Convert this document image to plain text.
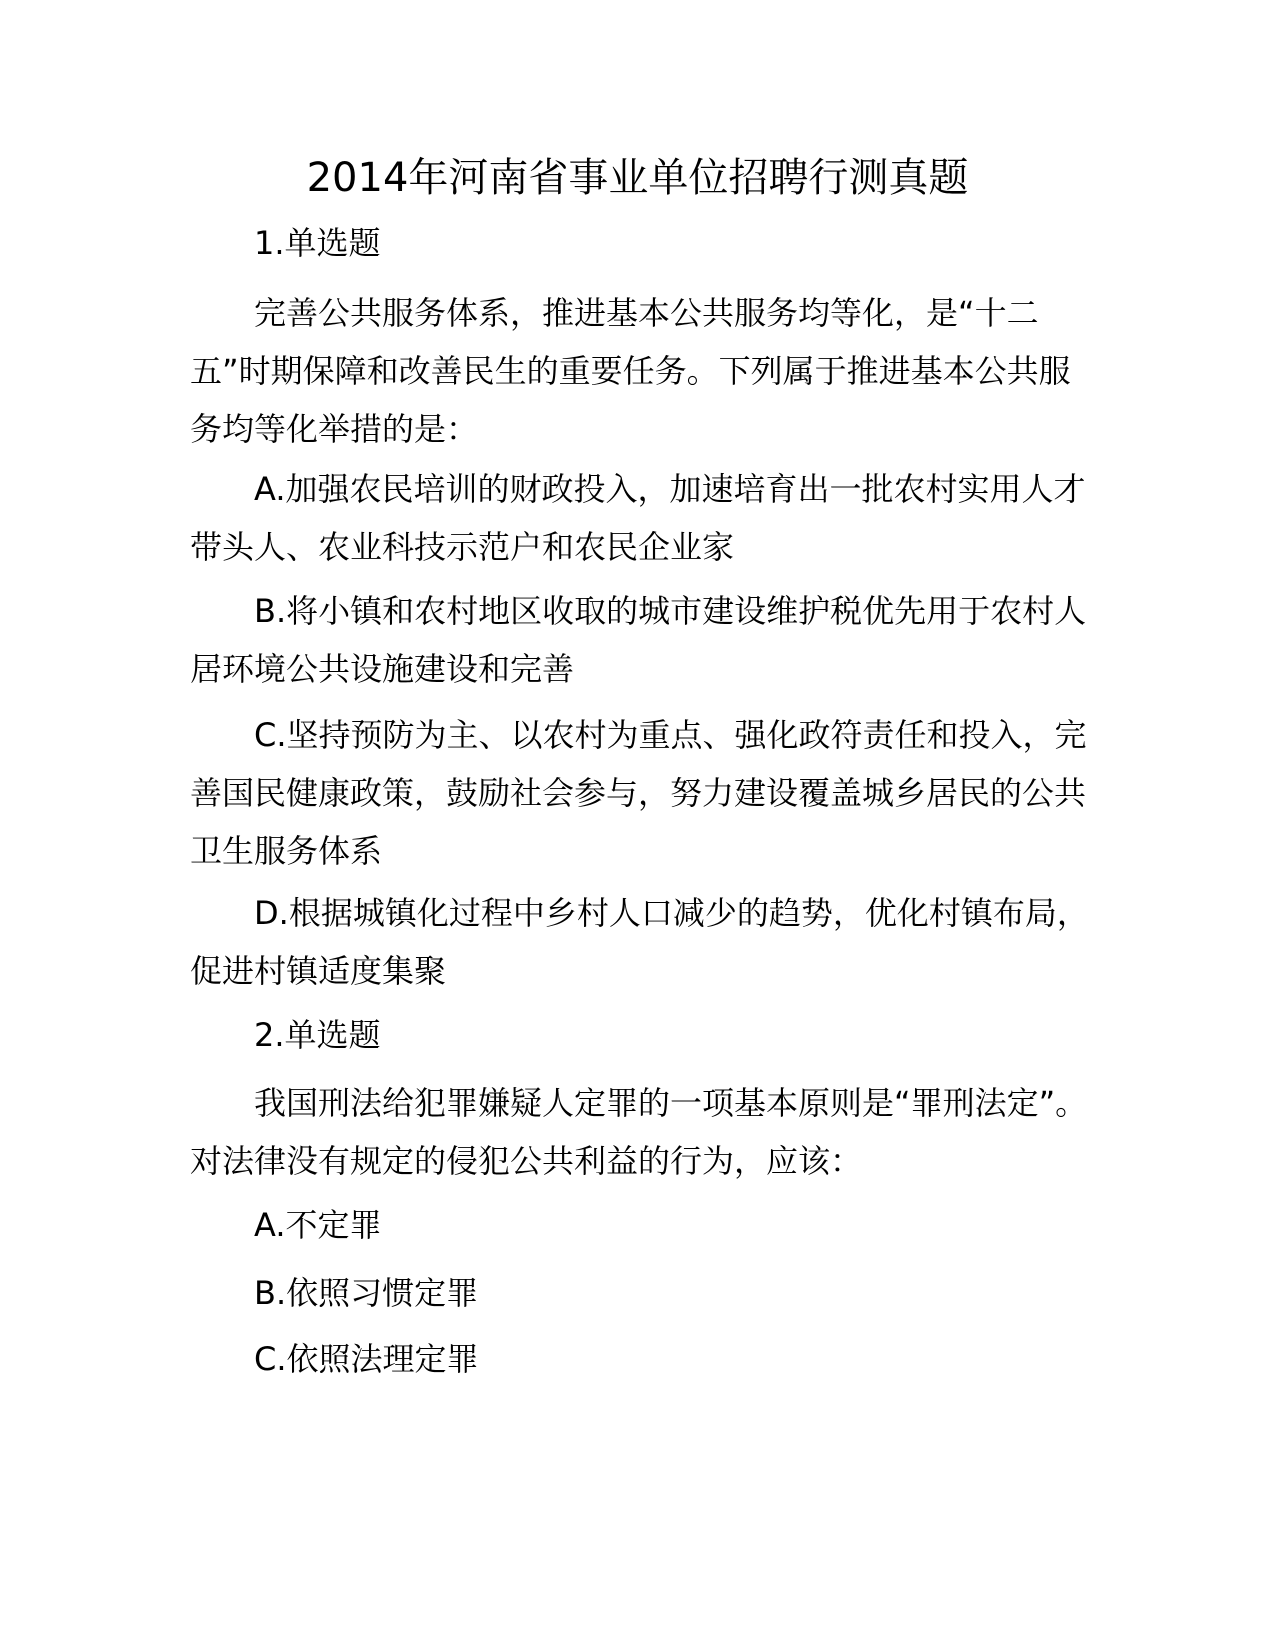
2014年河南省事业单位招聘行测真题

1.单选题

完善公共服务体系，推进基本公共服务均等化，是“十二五”时期保障和改善民生的重要任务。下列属于推进基本公共服务均等化举措的是：

A.加强农民培训的财政投入，加速培育出一批农村实用人才带头人、农业科技示范户和农民企业家

B.将小镇和农村地区收取的城市建设维护税优先用于农村人居环境公共设施建设和完善

C.坚持预防为主、以农村为重点、强化政符责任和投入，完善国民健康政策，鼓励社会参与，努力建设覆盖城乡居民的公共卫生服务体系

D.根据城镇化过程中乡村人口减少的趋势，优化村镇布局，促进村镇适度集聚

2.单选题

我国刑法给犯罪嫌疑人定罪的一项基本原则是“罪刑法定”。对法律没有规定的侵犯公共利益的行为，应该：

A.不定罪

B.依照习惯定罪

C.依照法理定罪
